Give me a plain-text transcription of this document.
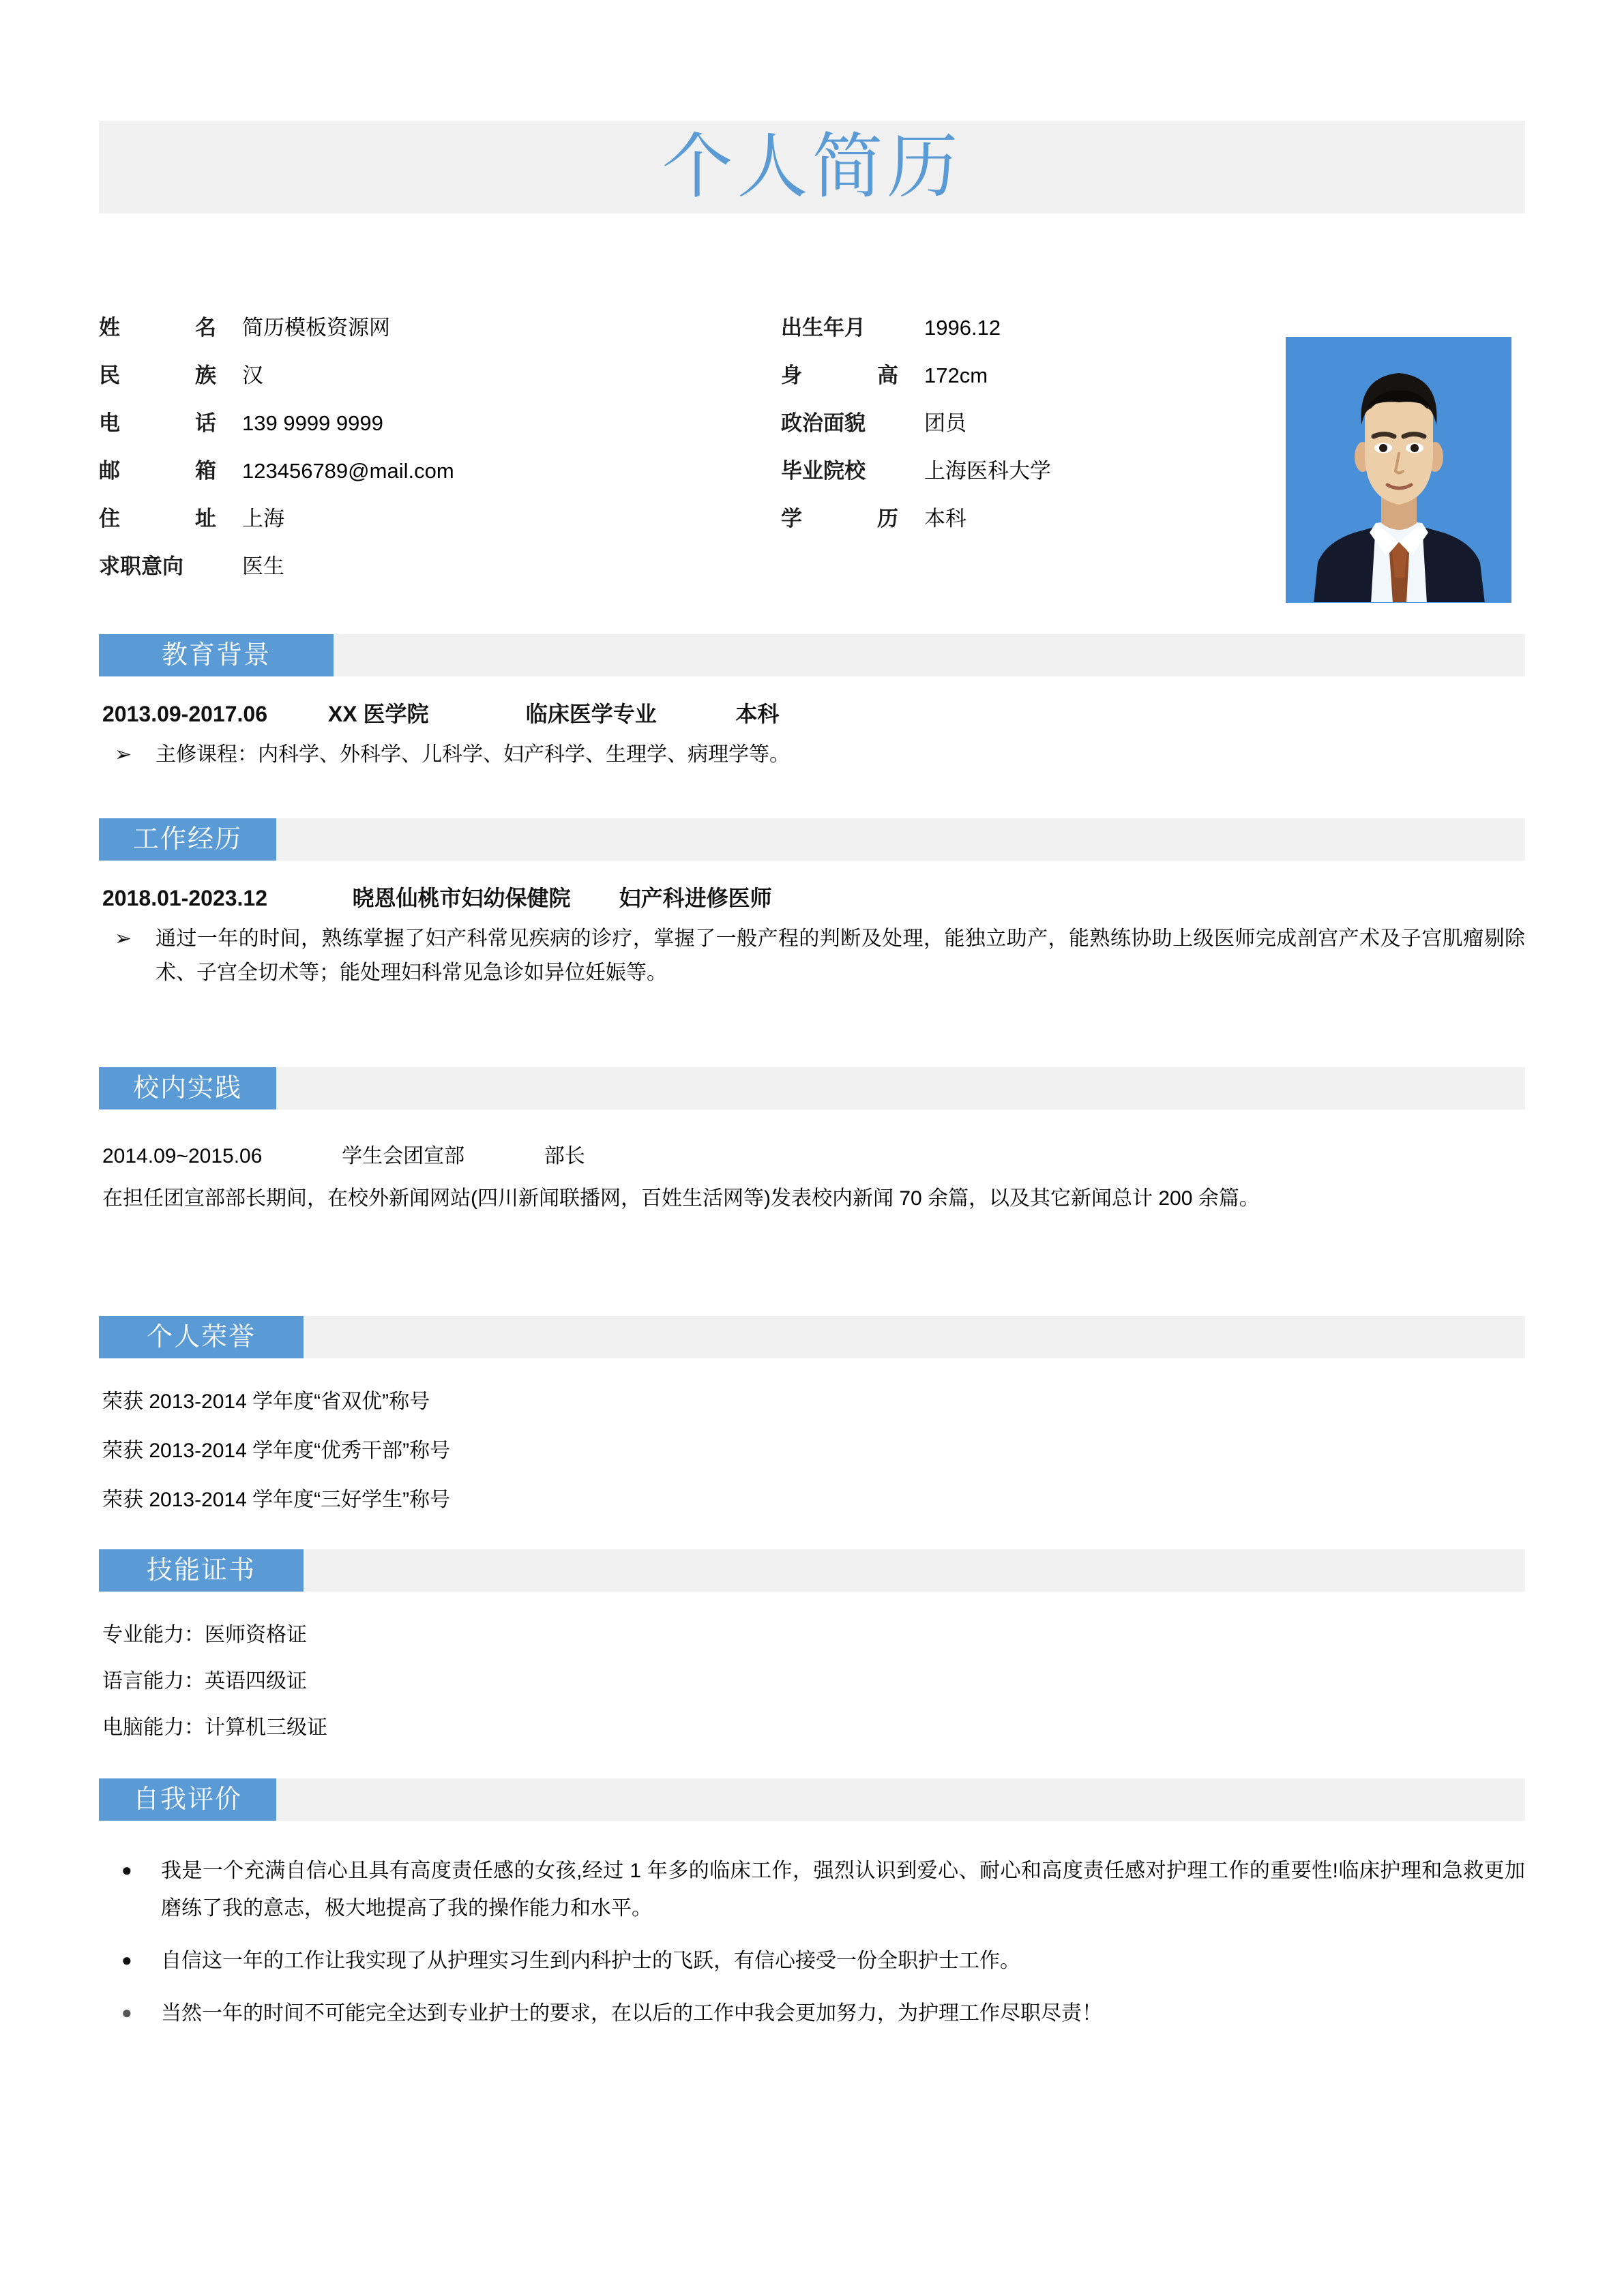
个人简历
姓	名 简历模板资源网
民	族 汉
电	话 139 9999 9999
邮	箱 123456789@mail.com
住	址 上海
求职意向	医生
出生年月	1996.12
身	高 172cm
政治面貌	团员
毕业院校	上海医科大学
学	历 本科
教育背景
2013.09-2017.06          XX 医学院                临床医学专业             本科
➢	主修课程：内科学、外科学、儿科学、妇产科学、生理学、病理学等。
工作经历
2018.01-2023.12              晓恩仙桃市妇幼保健院        妇产科进修医师
➢	通过一年的时间，熟练掌握了妇产科常见疾病的诊疗，掌握了一般产程的判断及处理，能独立助产，能熟练协助上级医师完成剖宫产术及子宫肌瘤剔除术、子宫全切术等；能处理妇科常见急诊如异位妊娠等。
校内实践
2014.09~2015.06              学生会团宣部              部长
在担任团宣部部长期间，在校外新闻网站(四川新闻联播网，百姓生活网等)发表校内新闻 70 余篇，以及其它新闻总计 200 余篇。
个人荣誉
荣获 2013-2014 学年度“省双优”称号
荣获 2013-2014 学年度“优秀干部”称号
荣获 2013-2014 学年度“三好学生”称号
技能证书
专业能力：医师资格证
语言能力：英语四级证
电脑能力：计算机三级证
自我评价
●	我是一个充满自信心且具有高度责任感的女孩,经过 1 年多的临床工作，强烈认识到爱心、耐心和高度责任感对护理工作的重要性!临床护理和急救更加磨练了我的意志，极大地提高了我的操作能力和水平。
●	自信这一年的工作让我实现了从护理实习生到内科护士的飞跃，有信心接受一份全职护士工作。
●	当然一年的时间不可能完全达到专业护士的要求，在以后的工作中我会更加努力，为护理工作尽职尽责！
